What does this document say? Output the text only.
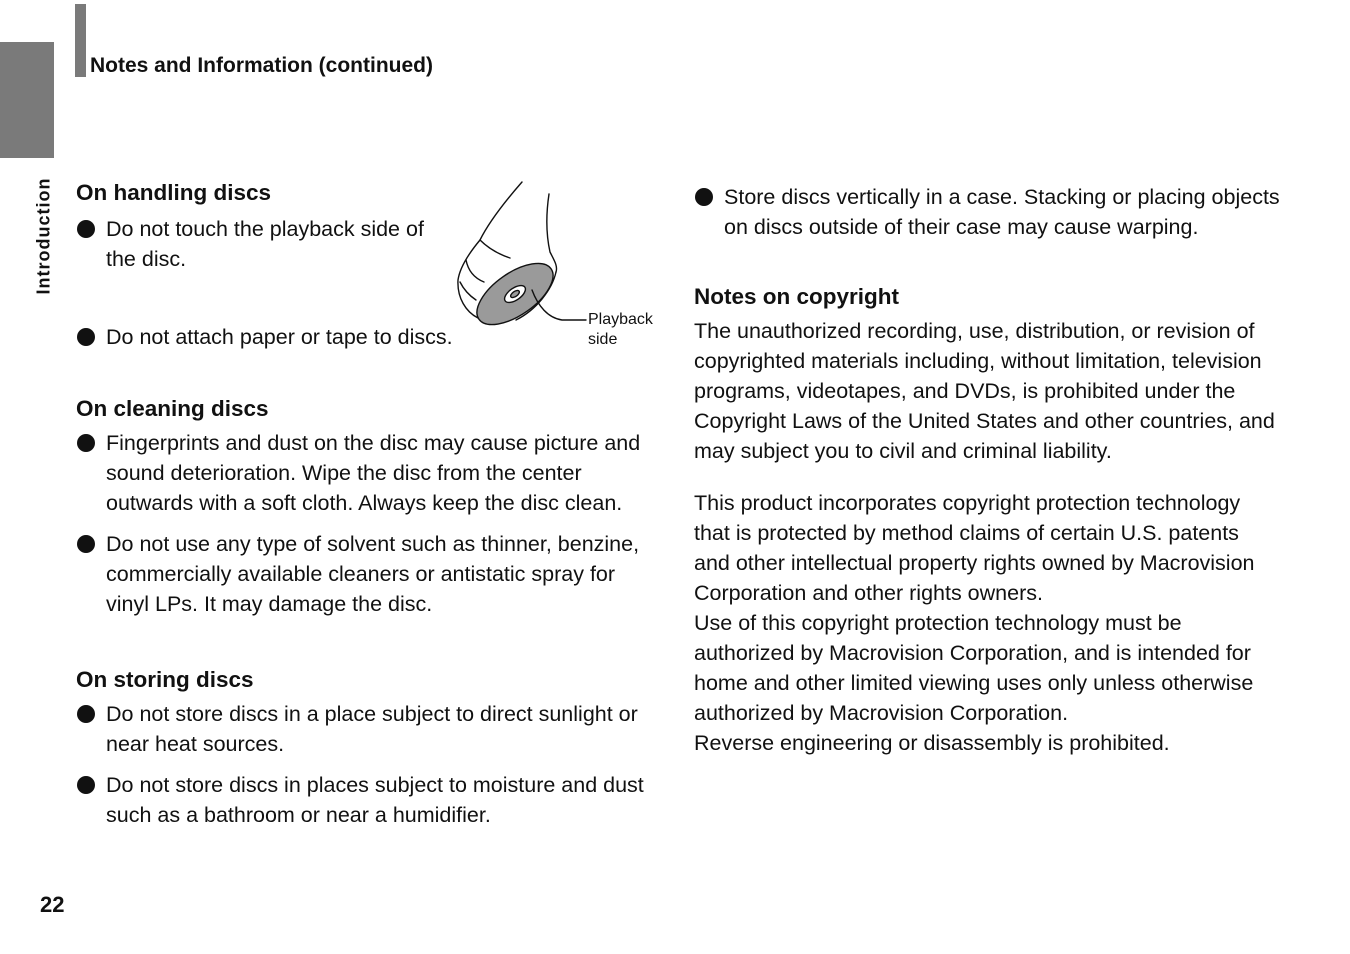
Introduction
Notes and Information (continued)
On handling discs
Do not touch the playback side of the disc.
Do not attach paper or tape to discs.
On cleaning discs
Fingerprints and dust on the disc may cause picture and sound deterioration. Wipe the disc from the center outwards with a soft cloth. Always keep the disc clean.
Do not use any type of solvent such as thinner, benzine, commercially available cleaners or antistatic spray for vinyl LPs. It may damage the disc.
On storing discs
Do not store discs in a place subject to direct sunlight or near heat sources.
Do not store discs in places subject to moisture and dust such as a bathroom or near a humidifier.
Playback side
Store discs vertically in a case. Stacking or placing objects on discs outside of their case may cause warping.
Notes on copyright

The unauthorized recording, use, distribution, or revision of copyrighted materials including, without limitation, television programs, videotapes, and DVDs, is prohibited under the Copyright Laws of the United States and other countries, and may subject you to civil and criminal liability.

This product incorporates copyright protection technology that is protected by method claims of certain U.S. patents and other intellectual property rights owned by Macrovision Corporation and other rights owners.

Use of this copyright protection technology must be authorized by Macrovision Corporation, and is intended for home and other limited viewing uses only unless otherwise authorized by Macrovision Corporation.

Reverse engineering or disassembly is prohibited.

22
